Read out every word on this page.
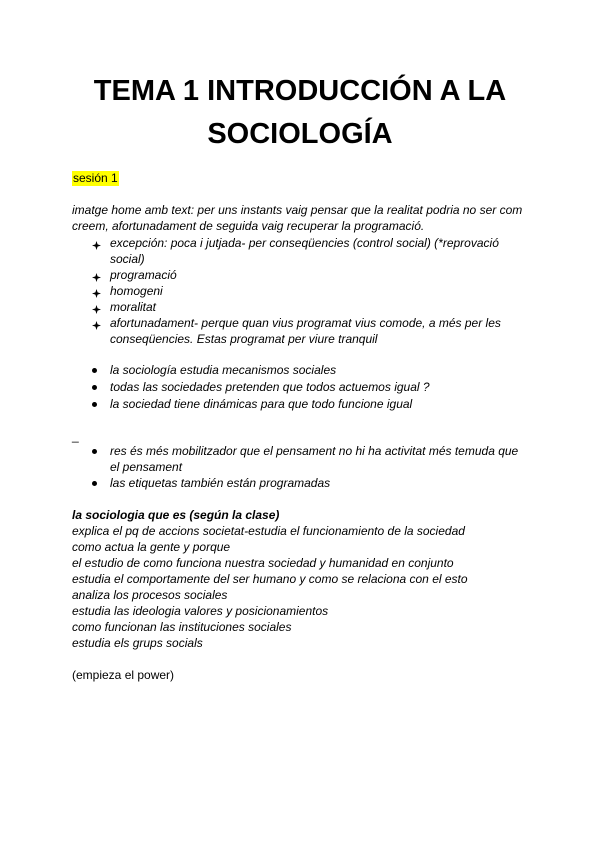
TEMA 1 INTRODUCCIÓN A LA
SOCIOLOGÍA
sesión 1

imatge home amb text: per uns instants vaig pensar que la realitat podria no ser com

creem, afortunadament de seguida vaig recuperar la programació.

excepción: poca i jutjada- per conseqüencies (control social) (*reprovació
social)
programació
homogeni
moralitat
afortunadament- perque quan vius programat vius comode, a més per les
conseqüencies. Estas programat per viure tranquil
la sociología estudia mecanismos sociales
todas las sociedades pretenden que todos actuemos igual ?
la sociedad tiene dinámicas para que todo funcione igual
_
res és més mobilitzador que el pensament no hi ha activitat més temuda que
el pensament
las etiquetas también están programadas

la sociologia que es (según la clase)

explica el pq de accions societat-estudia el funcionamiento de la sociedad

como actua la gente y porque

el estudio de como funciona nuestra sociedad y humanidad en conjunto

estudia el comportamente del ser humano y como se relaciona con el esto

analiza los procesos sociales

estudia las ideologia valores y posicionamientos

como funcionan las instituciones sociales

estudia els grups socials

(empieza el power)
